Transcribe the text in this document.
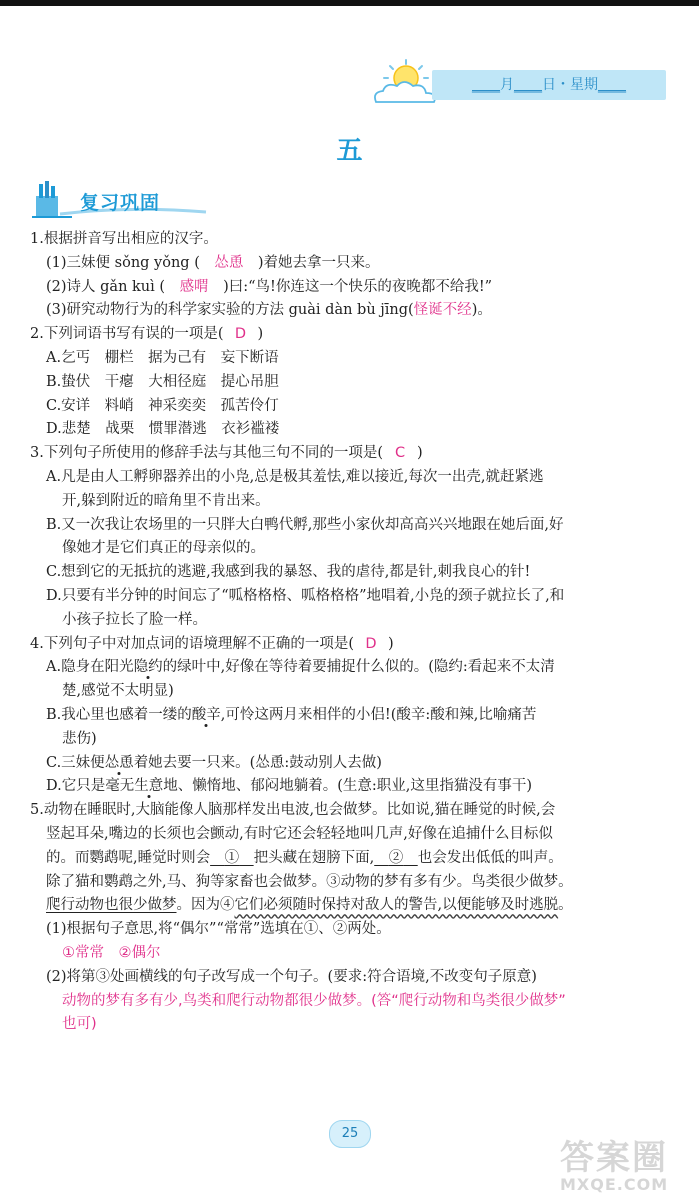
____月____日・星期____
五
复习巩固
1.根据拼音写出相应的汉字。
(1)三妹便 sǒng yǒng ( 怂恿 )着她去拿一只来。
(2)诗人 gǎn kuì ( 感喟 )曰:“鸟!你连这一个快乐的夜晚都不给我!”
(3)研究动物行为的科学家实验的方法 guài dàn bù jīng(怪诞不经)。
2.下列词语书写有误的一项是( D )
A.乞丐　棚栏　据为己有　妄下断语
B.蛰伏　干瘪　大相径庭　提心吊胆
C.安详　料峭　神采奕奕　孤苦伶仃
D.悲楚　战栗　惯罪潜逃　衣衫褴褛
3.下列句子所使用的修辞手法与其他三句不同的一项是( C )
A.凡是由人工孵卵器养出的小凫,总是极其羞怯,难以接近,每次一出壳,就赶紧逃
开,躲到附近的暗角里不肯出来。
B.又一次我让农场里的一只胖大白鸭代孵,那些小家伙却高高兴兴地跟在她后面,好
像她才是它们真正的母亲似的。
C.想到它的无抵抗的逃避,我感到我的暴怒、我的虐待,都是针,刺我良心的针!
D.只要有半分钟的时间忘了“呱格格格、呱格格格”地唱着,小凫的颈子就拉长了,和
小孩子拉长了脸一样。
4.下列句子中对加点词的语境理解不正确的一项是( D )
A.隐身在阳光隐约的绿叶中,好像在等待着要捕捉什么似的。(隐约:看起来不太清
楚,感觉不太明显)
B.我心里也感着一缕的酸辛,可怜这两月来相伴的小侣!(酸辛:酸和辣,比喻痛苦
悲伤)
C.三妹便怂恿着她去要一只来。(怂恿:鼓动别人去做)
D.它只是毫无生意地、懒惰地、郁闷地躺着。(生意:职业,这里指猫没有事干)
5.动物在睡眠时,大脑能像人脑那样发出电波,也会做梦。比如说,猫在睡觉的时候,会
竖起耳朵,嘴边的长须也会颤动,有时它还会轻轻地叫几声,好像在追捕什么目标似
的。而鹦鹉呢,睡觉时则会　 ①　 把头藏在翅膀下面,　 ②　 也会发出低低的叫声。
除了猫和鹦鹉之外,马、狗等家畜也会做梦。③动物的梦有多有少。鸟类很少做梦。
爬行动物也很少做梦。因为④它们必须随时保持对敌人的警告,以便能够及时逃脱。
(1)根据句子意思,将“偶尔”“常常”选填在①、②两处。
①常常　②偶尔
(2)将第③处画横线的句子改写成一个句子。(要求:符合语境,不改变句子原意)
动物的梦有多有少,鸟类和爬行动物都很少做梦。(答“爬行动物和鸟类很少做梦”
也可)
25
答案圈
MXQE.COM
